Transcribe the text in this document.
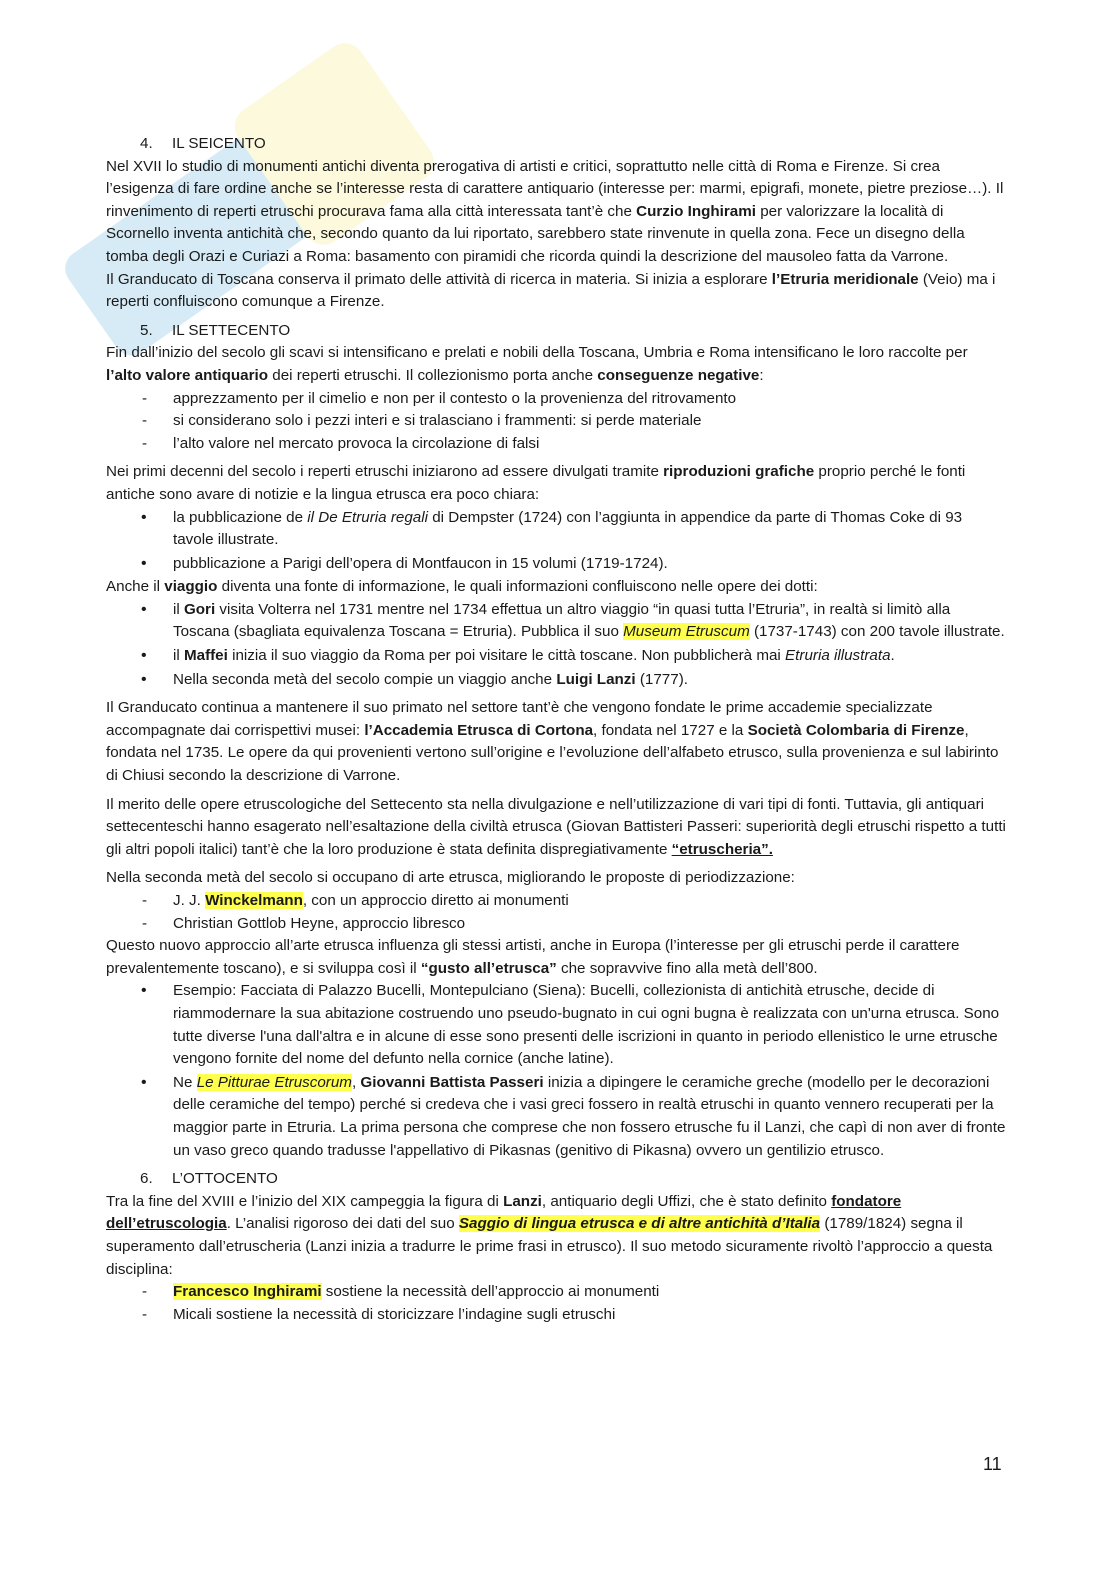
4. IL SEICENTO

Nel XVII lo studio di monumenti antichi diventa prerogativa di artisti e critici, soprattutto nelle città di Roma e Firenze. Si crea l’esigenza di fare ordine anche se l’interesse resta di carattere antiquario (interesse per: marmi, epigrafi, monete, pietre preziose…). Il rinvenimento di reperti etruschi procurava fama alla città interessata tant’è che Curzio Inghirami per valorizzare la località di Scornello inventa antichità che, secondo quanto da lui riportato, sarebbero state rinvenute in quella zona. Fece un disegno della tomba degli Orazi e Curiazi a Roma: basamento con piramidi che ricorda quindi la descrizione del mausoleo fatta da Varrone.

Il Granducato di Toscana conserva il primato delle attività di ricerca in materia. Si inizia a esplorare l’Etruria meridionale (Veio) ma i reperti confluiscono comunque a Firenze.

5. IL SETTECENTO

Fin dall’inizio del secolo gli scavi si intensificano e prelati e nobili della Toscana, Umbria e Roma intensificano le loro raccolte per l’alto valore antiquario dei reperti etruschi. Il collezionismo porta anche conseguenze negative:

- apprezzamento per il cimelio e non per il contesto o la provenienza del ritrovamento
- si considerano solo i pezzi interi e si tralasciano i frammenti: si perde materiale
- l’alto valore nel mercato provoca la circolazione di falsi

Nei primi decenni del secolo i reperti etruschi iniziarono ad essere divulgati tramite riproduzioni grafiche proprio perché le fonti antiche sono avare di notizie e la lingua etrusca era poco chiara:

• la pubblicazione de il De Etruria regali di Dempster (1724) con l’aggiunta in appendice da parte di Thomas Coke di 93 tavole illustrate.
• pubblicazione a Parigi dell’opera di Montfaucon in 15 volumi (1719-1724).

Anche il viaggio diventa una fonte di informazione, le quali informazioni confluiscono nelle opere dei dotti:

• il Gori visita Volterra nel 1731 mentre nel 1734 effettua un altro viaggio “in quasi tutta l’Etruria”, in realtà si limitò alla Toscana (sbagliata equivalenza Toscana = Etruria). Pubblica il suo Museum Etruscum (1737-1743) con 200 tavole illustrate.
• il Maffei inizia il suo viaggio da Roma per poi visitare le città toscane. Non pubblicherà mai Etruria illustrata.
• Nella seconda metà del secolo compie un viaggio anche Luigi Lanzi (1777).

Il Granducato continua a mantenere il suo primato nel settore tant’è che vengono fondate le prime accademie specializzate accompagnate dai corrispettivi musei: l’Accademia Etrusca di Cortona, fondata nel 1727 e la Società Colombaria di Firenze, fondata nel 1735. Le opere da qui provenienti vertono sull’origine e l’evoluzione dell’alfabeto etrusco, sulla provenienza e sul labirinto di Chiusi secondo la descrizione di Varrone.

Il merito delle opere etruscologiche del Settecento sta nella divulgazione e nell’utilizzazione di vari tipi di fonti. Tuttavia, gli antiquari settecenteschi hanno esagerato nell’esaltazione della civiltà etrusca (Giovan Battisteri Passeri: superiorità degli etruschi rispetto a tutti gli altri popoli italici) tant’è che la loro produzione è stata definita dispregiativamente “etruscheria”.

Nella seconda metà del secolo si occupano di arte etrusca, migliorando le proposte di periodizzazione:

- J. J. Winckelmann, con un approccio diretto ai monumenti
- Christian Gottlob Heyne, approccio libresco

Questo nuovo approccio all’arte etrusca influenza gli stessi artisti, anche in Europa (l’interesse per gli etruschi perde il carattere prevalentemente toscano), e si sviluppa così il “gusto all’etrusca” che sopravvive fino alla metà dell’800.

• Esempio: Facciata di Palazzo Bucelli, Montepulciano (Siena): Bucelli, collezionista di antichità etrusche, decide di riammodernare la sua abitazione costruendo uno pseudo-bugnato in cui ogni bugna è realizzata con un'urna etrusca. Sono tutte diverse l'una dall'altra e in alcune di esse sono presenti delle iscrizioni in quanto in periodo ellenistico le urne etrusche vengono fornite del nome del defunto nella cornice (anche latine).
• Ne Le Pitturae Etruscorum, Giovanni Battista Passeri inizia a dipingere le ceramiche greche (modello per le decorazioni delle ceramiche del tempo) perché si credeva che i vasi greci fossero in realtà etruschi in quanto vennero recuperati per la maggior parte in Etruria. La prima persona che comprese che non fossero etrusche fu il Lanzi, che capì di non aver di fronte un vaso greco quando tradusse l'appellativo di Pikasnas (genitivo di Pikasna) ovvero un gentilizio etrusco.

6. L’OTTOCENTO

Tra la fine del XVIII e l’inizio del XIX campeggia la figura di Lanzi, antiquario degli Uffizi, che è stato definito fondatore dell’etruscologia. L’analisi rigoroso dei dati del suo Saggio di lingua etrusca e di altre antichità d’Italia (1789/1824) segna il superamento dall’etruscheria (Lanzi inizia a tradurre le prime frasi in etrusco). Il suo metodo sicuramente rivoltò l’approccio a questa disciplina:

- Francesco Inghirami sostiene la necessità dell’approccio ai monumenti
- Micali sostiene la necessità di storicizzare l’indagine sugli etruschi
11
